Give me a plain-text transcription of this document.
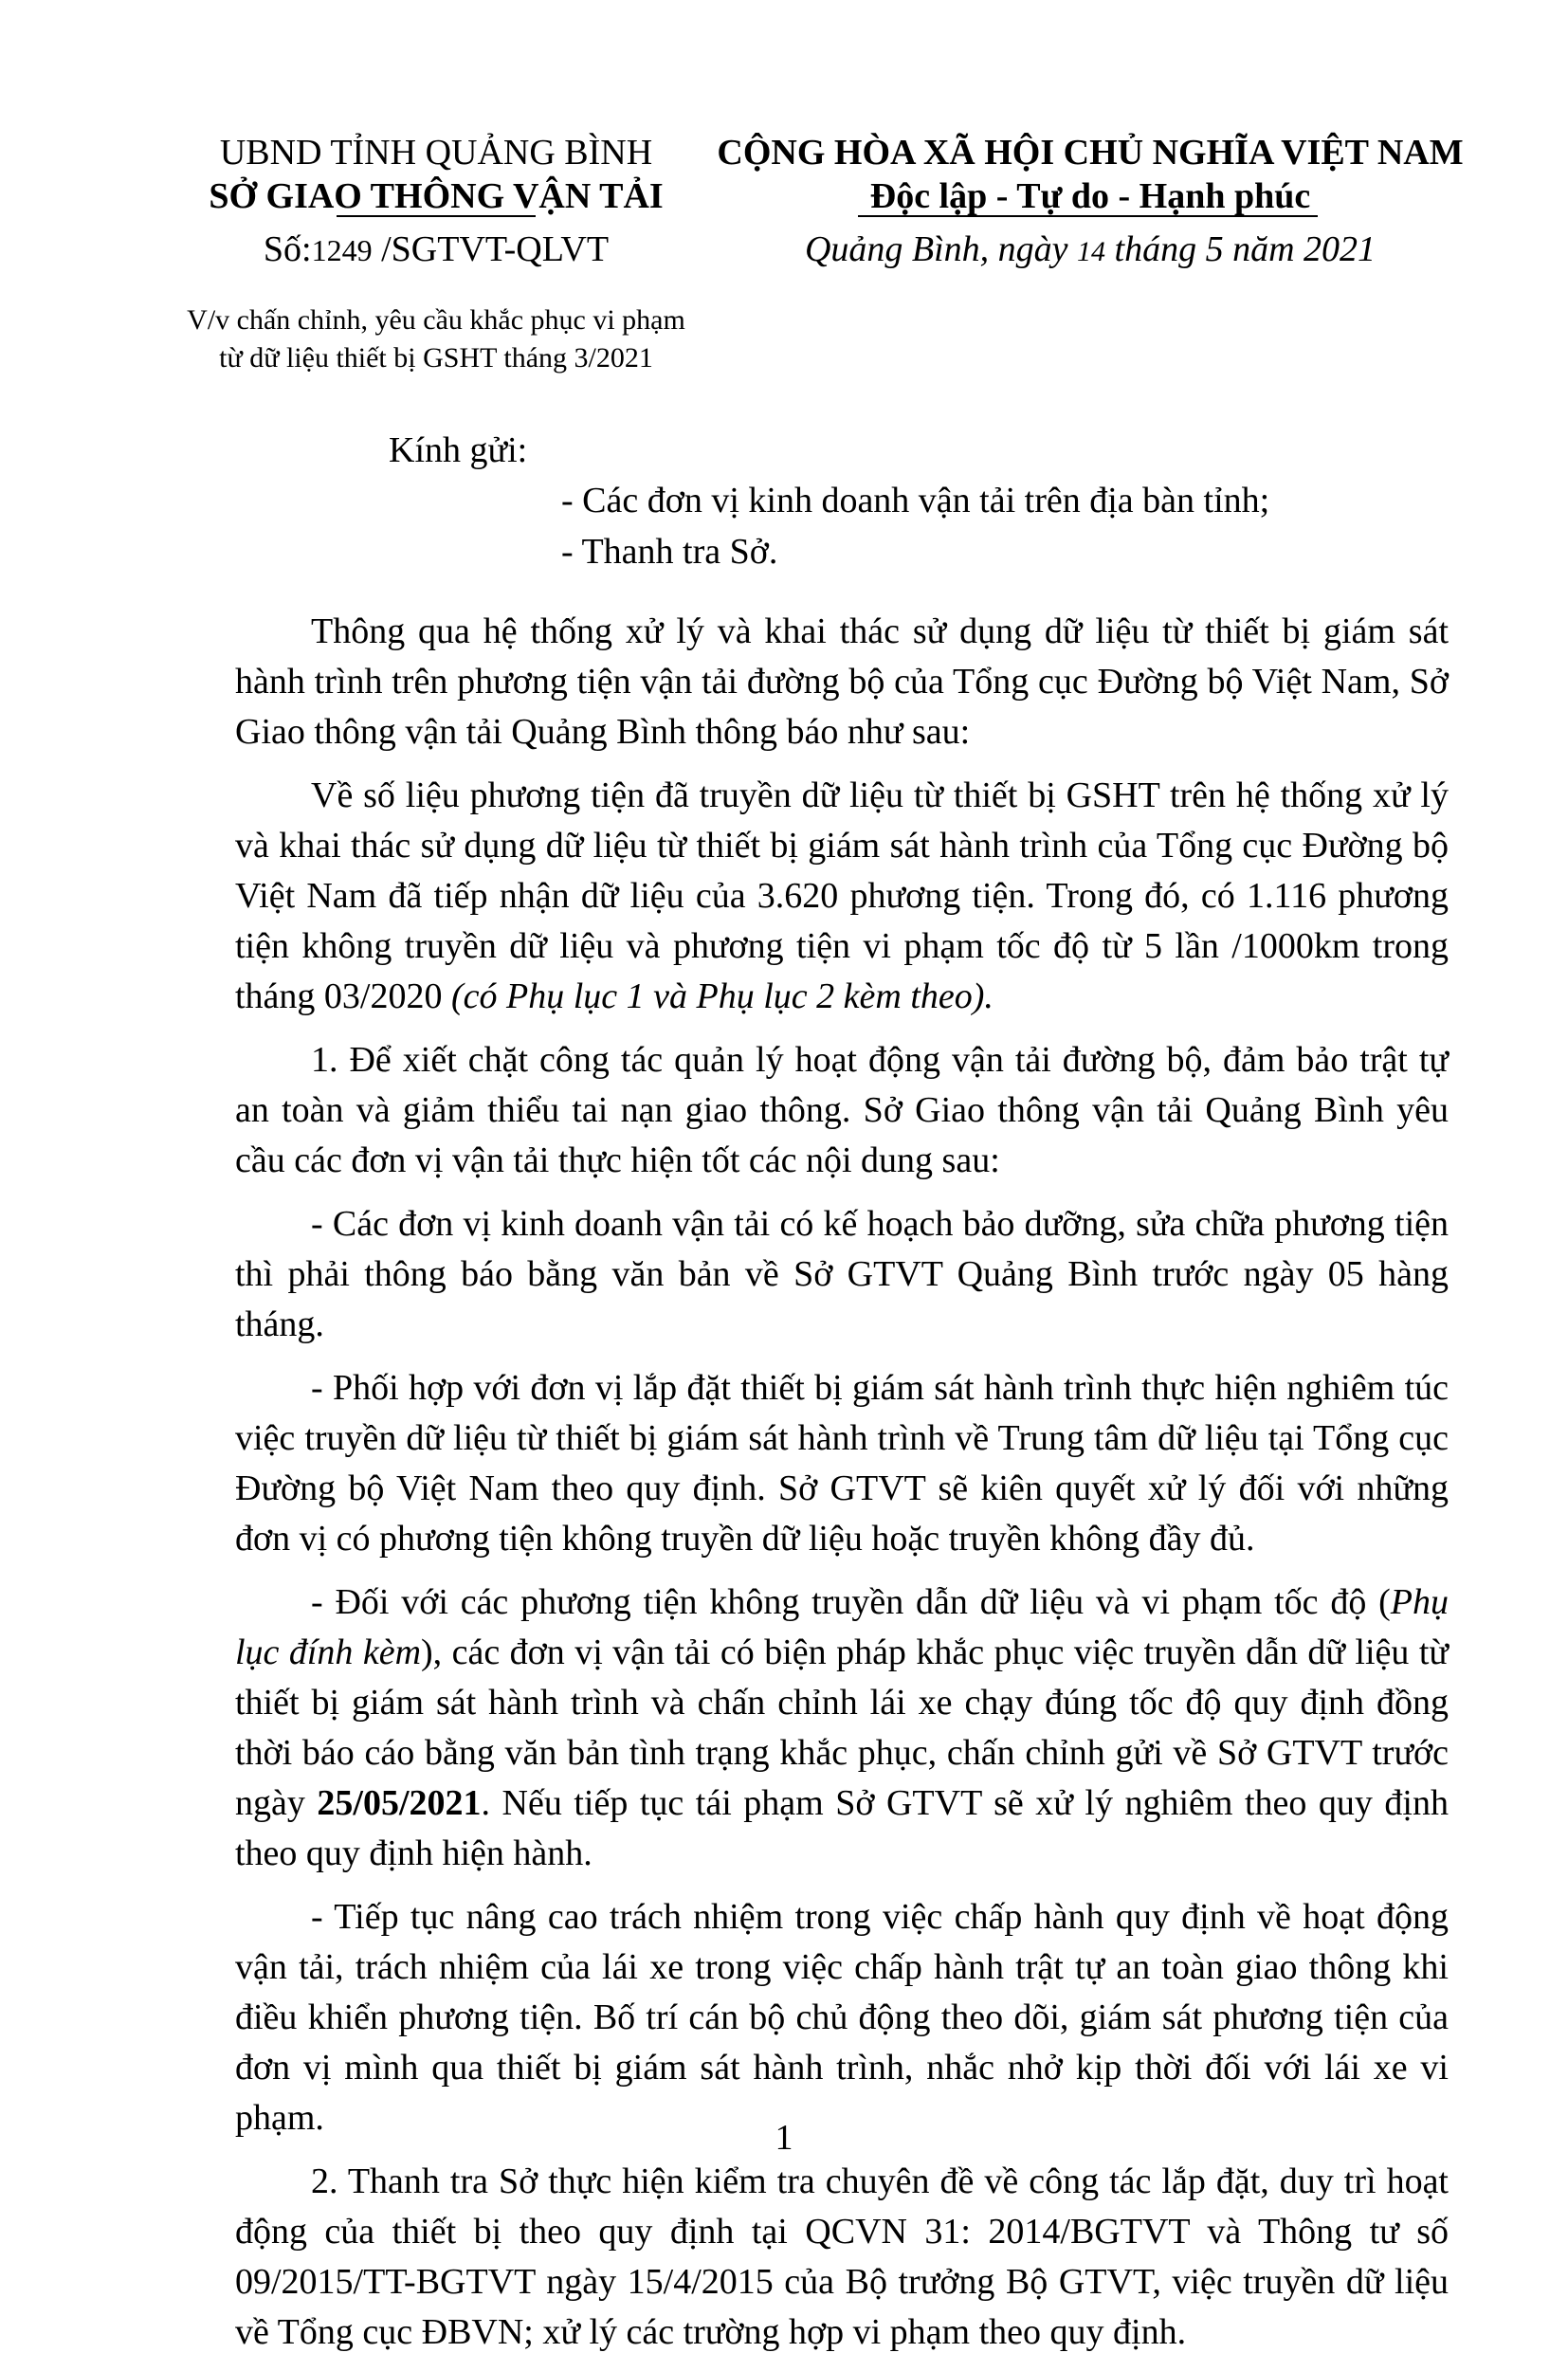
UBND TỈNH QUẢNG BÌNH
SỞ GIAO THÔNG VẬN TẢI
CỘNG HÒA XÃ HỘI CHỦ NGHĨA VIỆT NAM
Độc lập - Tự do - Hạnh phúc
Số:1249 /SGTVT-QLVT	Quảng Bình, ngày 14 tháng 5 năm 2021
V/v chấn chỉnh, yêu cầu khắc phục vi phạm
từ dữ liệu thiết bị GSHT tháng 3/2021
Kính gửi:
- Các đơn vị kinh doanh vận tải trên địa bàn tỉnh;
- Thanh tra Sở.

Thông qua hệ thống xử lý và khai thác sử dụng dữ liệu từ thiết bị giám sát hành trình trên phương tiện vận tải đường bộ của Tổng cục Đường bộ Việt Nam, Sở Giao thông vận tải Quảng Bình thông báo như sau:

Về số liệu phương tiện đã truyền dữ liệu từ thiết bị GSHT trên hệ thống xử lý và khai thác sử dụng dữ liệu từ thiết bị giám sát hành trình của Tổng cục Đường bộ Việt Nam đã tiếp nhận dữ liệu của 3.620 phương tiện. Trong đó, có 1.116 phương tiện không truyền dữ liệu và phương tiện vi phạm tốc độ từ 5 lần /1000km trong tháng 03/2020 (có Phụ lục 1 và Phụ lục 2 kèm theo).

1. Để xiết chặt công tác quản lý hoạt động vận tải đường bộ, đảm bảo trật tự an toàn và giảm thiểu tai nạn giao thông. Sở Giao thông vận tải Quảng Bình yêu cầu các đơn vị vận tải thực hiện tốt các nội dung sau:

- Các đơn vị kinh doanh vận tải có kế hoạch bảo dưỡng, sửa chữa phương tiện thì phải thông báo bằng văn bản về Sở GTVT Quảng Bình trước ngày 05 hàng tháng.

- Phối hợp với đơn vị lắp đặt thiết bị giám sát hành trình thực hiện nghiêm túc việc truyền dữ liệu từ thiết bị giám sát hành trình về Trung tâm dữ liệu tại Tổng cục Đường bộ Việt Nam theo quy định. Sở GTVT sẽ kiên quyết xử lý đối với những đơn vị có phương tiện không truyền dữ liệu hoặc truyền không đầy đủ.

- Đối với các phương tiện không truyền dẫn dữ liệu và vi phạm tốc độ (Phụ lục đính kèm), các đơn vị vận tải có biện pháp khắc phục việc truyền dẫn dữ liệu từ thiết bị giám sát hành trình và chấn chỉnh lái xe chạy đúng tốc độ quy định đồng thời báo cáo bằng văn bản tình trạng khắc phục, chấn chỉnh gửi về Sở GTVT trước ngày 25/05/2021. Nếu tiếp tục tái phạm Sở GTVT sẽ xử lý nghiêm theo quy định theo quy định hiện hành.

- Tiếp tục nâng cao trách nhiệm trong việc chấp hành quy định về hoạt động vận tải, trách nhiệm của lái xe trong việc chấp hành trật tự an toàn giao thông khi điều khiển phương tiện. Bố trí cán bộ chủ động theo dõi, giám sát phương tiện của đơn vị mình qua thiết bị giám sát hành trình, nhắc nhở kịp thời đối với lái xe vi phạm.

2. Thanh tra Sở thực hiện kiểm tra chuyên đề về công tác lắp đặt, duy trì hoạt động của thiết bị theo quy định tại QCVN 31: 2014/BGTVT và Thông tư số 09/2015/TT-BGTVT ngày 15/4/2015 của Bộ trưởng Bộ GTVT, việc truyền dữ liệu về Tổng cục ĐBVN; xử lý các trường hợp vi phạm theo quy định.

1
